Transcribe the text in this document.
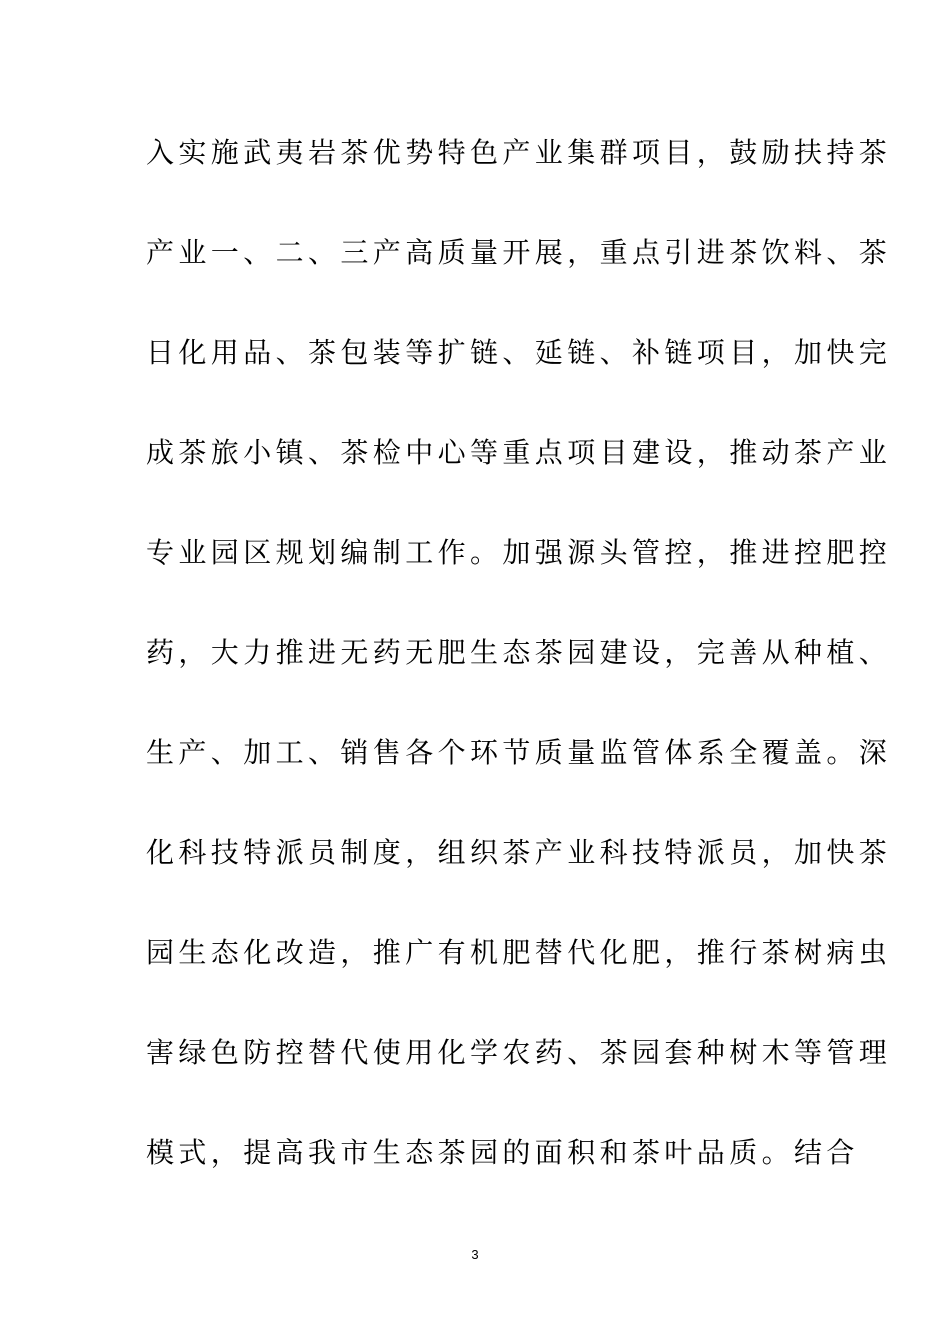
入实施武夷岩茶优势特色产业集群项目，鼓励扶持茶
产业一、二、三产高质量开展，重点引进茶饮料、茶
日化用品、茶包装等扩链、延链、补链项目，加快完
成茶旅小镇、茶检中心等重点项目建设，推动茶产业
专业园区规划编制工作。加强源头管控，推进控肥控
药，大力推进无药无肥生态茶园建设，完善从种植、
生产、加工、销售各个环节质量监管体系全覆盖。深
化科技特派员制度，组织茶产业科技特派员，加快茶
园生态化改造，推广有机肥替代化肥，推行茶树病虫
害绿色防控替代使用化学农药、茶园套种树木等管理
模式，提高我市生态茶园的面积和茶叶品质。结合
3
